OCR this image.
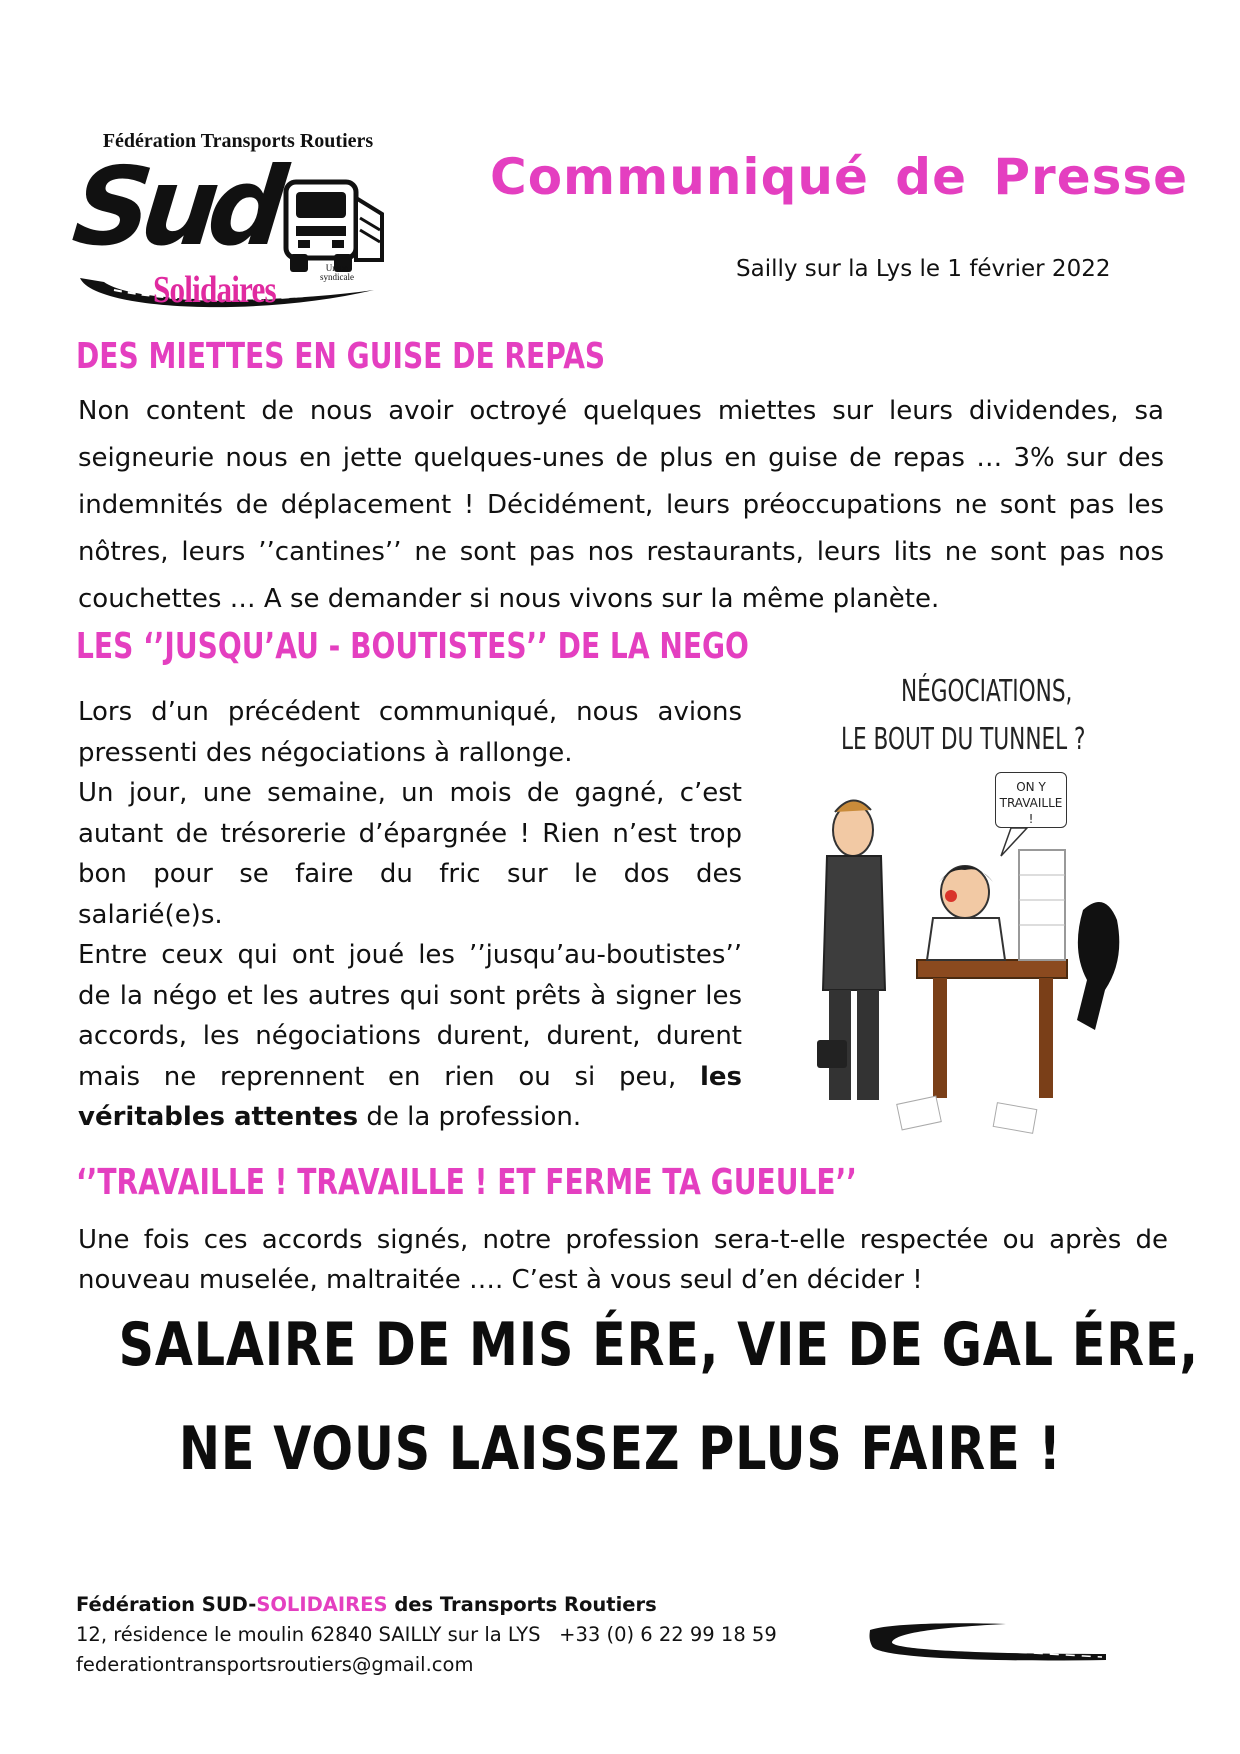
Fédération Transports Routiers
Sud
Solidaires
Union
syndicale
Communiqué de Presse
Sailly sur la Lys le 1 février 2022
DES MIETTES EN GUISE DE REPAS
Non content de nous avoir octroyé quelques miettes sur leurs dividendes, sa seigneurie nous en jette quelques-unes de plus en guise de repas … 3% sur des indemnités de déplacement ! Décidément, leurs préoccupations ne sont pas les nôtres, leurs ’’cantines’’ ne sont pas nos restaurants, leurs lits ne sont pas nos couchettes … A se demander si nous vivons sur la même planète.
LES ‘’JUSQU’AU - BOUTISTES’’ DE LA NEGO
Lors d’un précédent communiqué, nous avions
pressenti des négociations à rallonge.
Un jour, une semaine, un mois de gagné, c’est
autant de trésorerie d’épargnée ! Rien n’est trop
bon pour se faire du fric sur le dos des
salarié(e)s.
Entre ceux qui ont joué les ’’jusqu’au-boutistes’’
de la négo et les autres qui sont prêts à signer les
accords, les négociations durent, durent, durent
mais ne reprennent en rien ou si peu, les
véritables attentes de la profession.
NÉGOCIATIONS,
LE BOUT DU TUNNEL ?
ON Y
TRAVAILLE !
‘’TRAVAILLE ! TRAVAILLE ! ET FERME TA GUEULE’’
Une fois ces accords signés, notre profession sera-t-elle respectée ou après de nouveau muselée, maltraitée …. C’est à vous seul d’en décider !
SALAIRE DE MIS ÉRE, VIE DE GAL ÉRE,
NE VOUS LAISSEZ PLUS FAIRE !
Fédération SUD-SOLIDAIRES des Transports Routiers
12, résidence le moulin 62840 SAILLY sur la LYS +33 (0) 6 22 99 18 59
federationtransportsroutiers@gmail.com
